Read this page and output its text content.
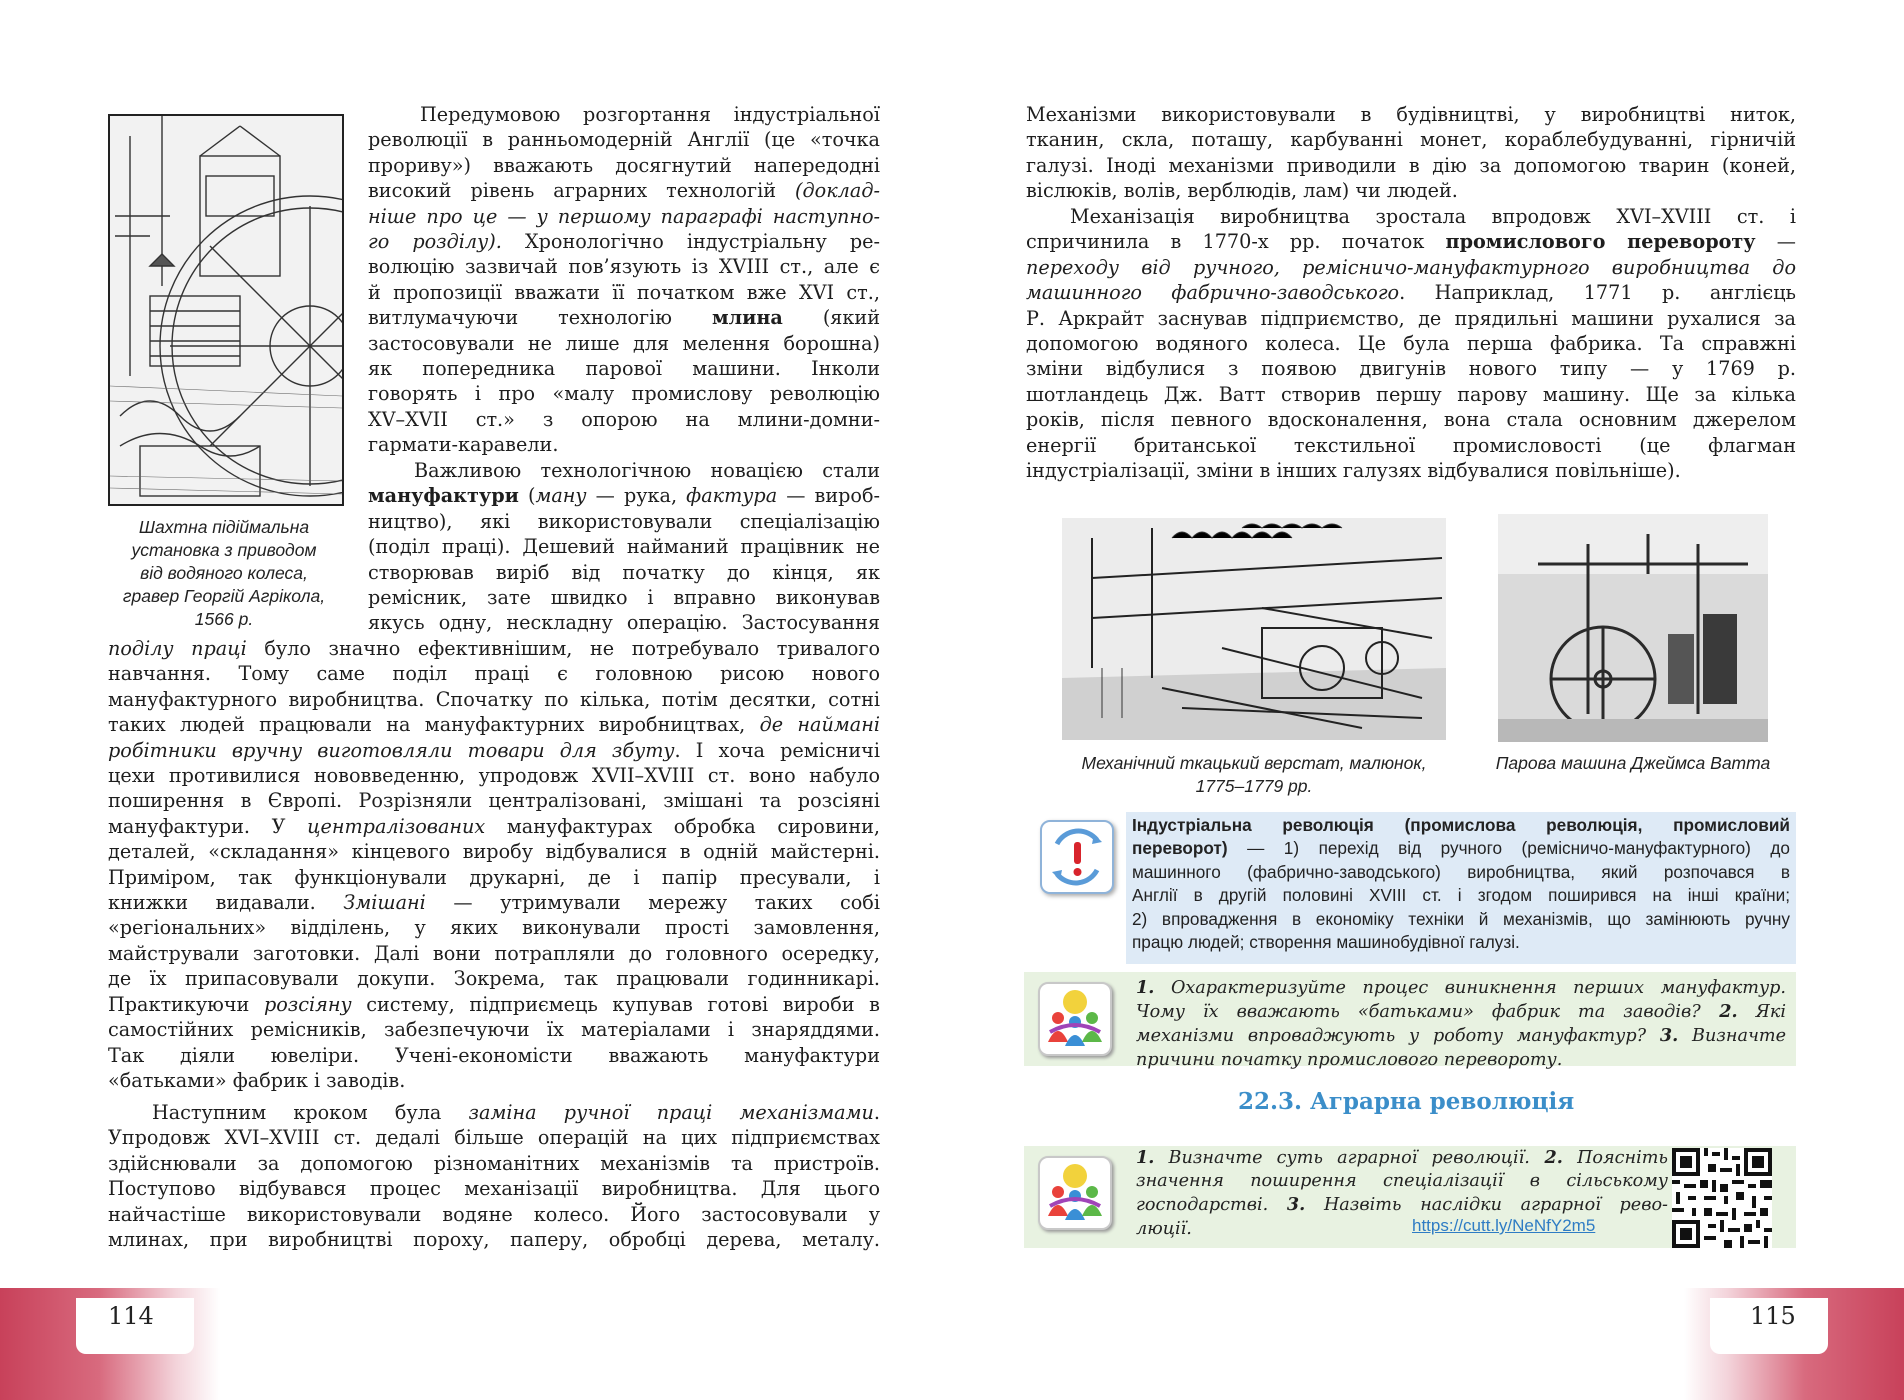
Шахтна підіймальна
установка з приводом
від водяного колеса,
гравер Георгій Агрікола,
1566 р.
Передумовою розгортання індустріальної
революції в ранньомодерній Англії (це «точка
прориву») вважають досягнутий напередодні
високий рівень аграрних технологій (доклад-
ніше про це — у першому параграфі наступно-
го розділу). Хронологічно індустріальну ре-
волюцію зазвичай пов’язують із XVIII ст., але є
й пропозиції вважати її початком вже XVI ст.,
витлумачуючи технологію млина (який
застосовували не лише для мелення борошна)
як попередника парової машини. Інколи
говорять і про «малу промислову революцію
XV–XVII ст.» з опорою на млини-домни-
гармати-каравели.
Важливою технологічною новацією стали
мануфактури (ману — рука, фактура — вироб-
ництво), які використовували спеціалізацію
(поділ праці). Дешевий найманий працівник не
створював виріб від початку до кінця, як
ремісник, зате швидко і вправно виконував
якусь одну, нескладну операцію. Застосування
поділу праці було значно ефективнішим, не потребувало тривалого
навчання. Тому саме поділ праці є головною рисою нового
мануфактурного виробництва. Спочатку по кілька, потім десятки, сотні
таких людей працювали на мануфактурних виробництвах, де наймані
робітники вручну виготовляли товари для збуту. І хоча ремісничі
цехи противилися нововведенню, упродовж XVII–XVIII ст. воно набуло
поширення в Європі. Розрізняли централізовані, змішані та розсіяні
мануфактури. У централізованих мануфактурах обробка сировини,
деталей, «складання» кінцевого виробу відбувалися в одній майстерні.
Приміром, так функціонували друкарні, де і папір пресували, і
книжки видавали. Змішані — утримували мережу таких собі
«регіональних» відділень, у яких виконували прості замовлення,
майстрували заготовки. Далі вони потрапляли до головного осередку,
де їх припасовували докупи. Зокрема, так працювали годинникарі.
Практикуючи розсіяну систему, підприємець купував готові вироби в
самостійних ремісників, забезпечуючи їх матеріалами і знаряддями.
Так діяли ювеліри. Учені-економісти вважають мануфактури
«батьками» фабрик і заводів.
Наступним кроком була заміна ручної праці механізмами.
Упродовж XVI–XVIII ст. дедалі більше операцій на цих підприємствах
здійснювали за допомогою різноманітних механізмів та пристроїв.
Поступово відбувався процес механізації виробництва. Для цього
найчастіше використовували водяне колесо. Його застосовували у
млинах, при виробництві пороху, паперу, обробці дерева, металу.
Механізми використовували в будівництві, у виробництві ниток,
тканин, скла, поташу, карбуванні монет, кораблебудуванні, гірничій
галузі. Іноді механізми приводили в дію за допомогою тварин (коней,
віслюків, волів, верблюдів, лам) чи людей.
Механізація виробництва зростала впродовж XVI–XVIII ст. і
спричинила в 1770-х рр. початок промислового перевороту —
переходу від ручного, ремісничо-мануфактурного виробництва до
машинного фабрично-заводського. Наприклад, 1771 р. англієць
Р. Аркрайт заснував підприємство, де прядильні машини рухалися за
допомогою водяного колеса. Це була перша фабрика. Та справжні
зміни відбулися з появою двигунів нового типу — у 1769 р.
шотландець Дж. Ватт створив першу парову машину. Ще за кілька
років, після певного вдосконалення, вона стала основним джерелом
енергії британської текстильної промисловості (це флагман
індустріалізації, зміни в інших галузях відбувалися повільніше).
Механічний ткацький верстат, малюнок,
1775–1779 рр.
Парова машина Джеймса Ватта
Індустріальна революція (промислова революція, промисловий
переворот) — 1) перехід від ручного (ремісничо-мануфактурного) до
машинного (фабрично-заводського) виробництва, який розпочався в
Англії в другій половині XVIII ст. і згодом поширився на інші країни;
2) впровадження в економіку техніки й механізмів, що замінюють ручну
працю людей; створення машинобудівної галузі.
1. Охарактеризуйте процес виникнення перших мануфактур.
Чому їх вважають «батьками» фабрик та заводів? 2. Які
механізми впроваджують у роботу мануфактур? 3. Визначте
причини початку промислового перевороту.
22.3. Аграрна революція
1. Визначте суть аграрної революції. 2. Поясніть
значення поширення спеціалізації в сільському
господарстві. 3. Назвіть наслідки аграрної рево-
люції.	https://cutt.ly/NeNfY2m5
114	115
